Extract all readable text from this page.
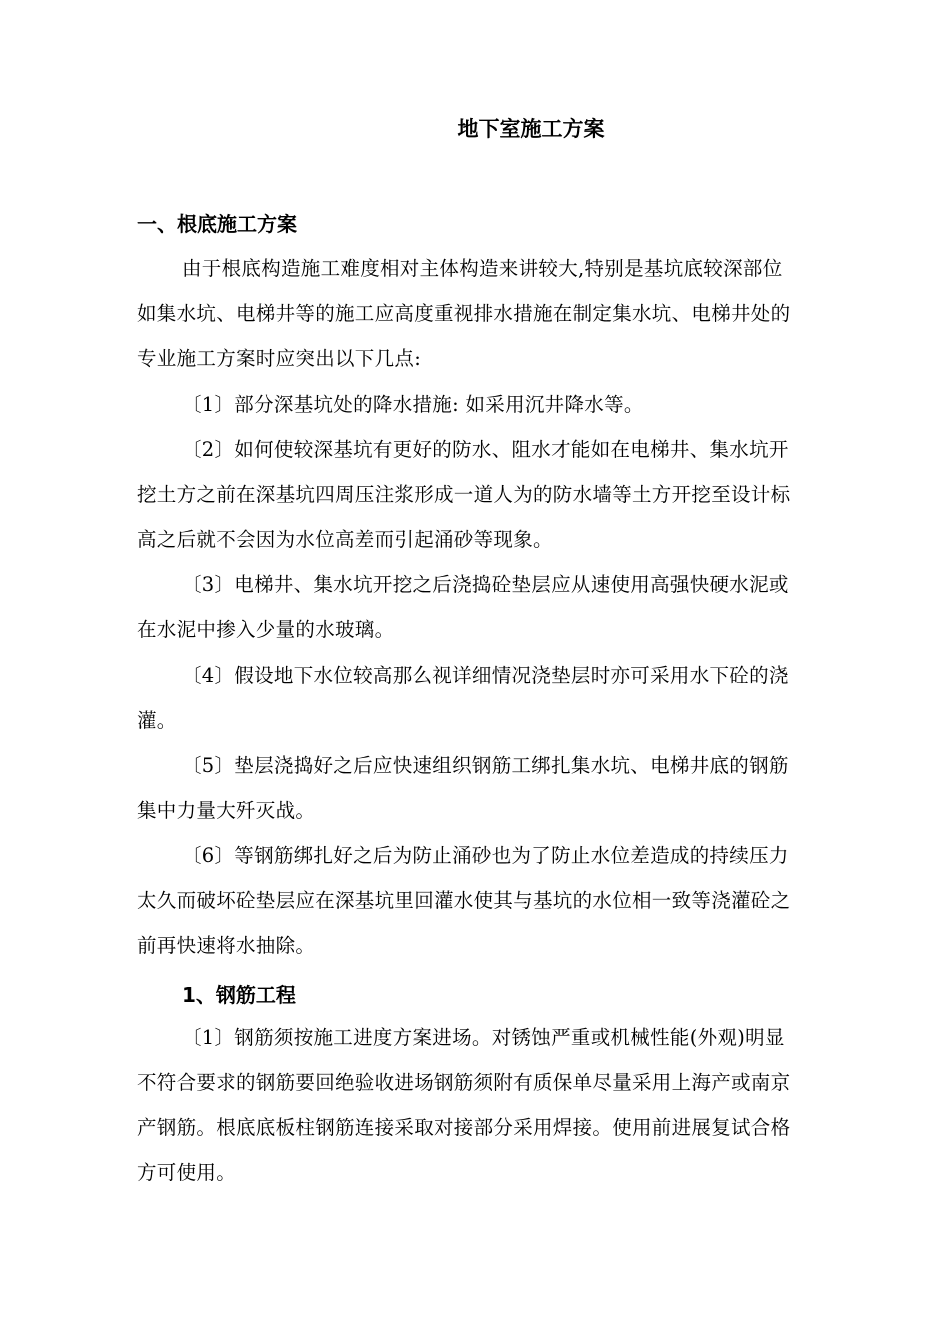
地下室施工方案
一、根底施工方案
由于根底构造施工难度相对主体构造来讲较大,特别是基坑底较深部位
如集水坑、电梯井等的施工应高度重视排水措施在制定集水坑、电梯井处的
专业施工方案时应突出以下几点:
〔1〕部分深基坑处的降水措施: 如采用沉井降水等。
〔2〕如何使较深基坑有更好的防水、阻水才能如在电梯井、集水坑开
挖土方之前在深基坑四周压注浆形成一道人为的防水墙等土方开挖至设计标
高之后就不会因为水位高差而引起涌砂等现象。
〔3〕电梯井、集水坑开挖之后浇捣砼垫层应从速使用高强快硬水泥或
在水泥中掺入少量的水玻璃。
〔4〕假设地下水位较高那么视详细情况浇垫层时亦可采用水下砼的浇
灌。
〔5〕垫层浇捣好之后应快速组织钢筋工绑扎集水坑、电梯井底的钢筋
集中力量大歼灭战。
〔6〕等钢筋绑扎好之后为防止涌砂也为了防止水位差造成的持续压力
太久而破坏砼垫层应在深基坑里回灌水使其与基坑的水位相一致等浇灌砼之
前再快速将水抽除。
1、钢筋工程
〔1〕钢筋须按施工进度方案进场。对锈蚀严重或机械性能(外观)明显
不符合要求的钢筋要回绝验收进场钢筋须附有质保单尽量采用上海产或南京
产钢筋。根底底板柱钢筋连接采取对接部分采用焊接。使用前进展复试合格
方可使用。
